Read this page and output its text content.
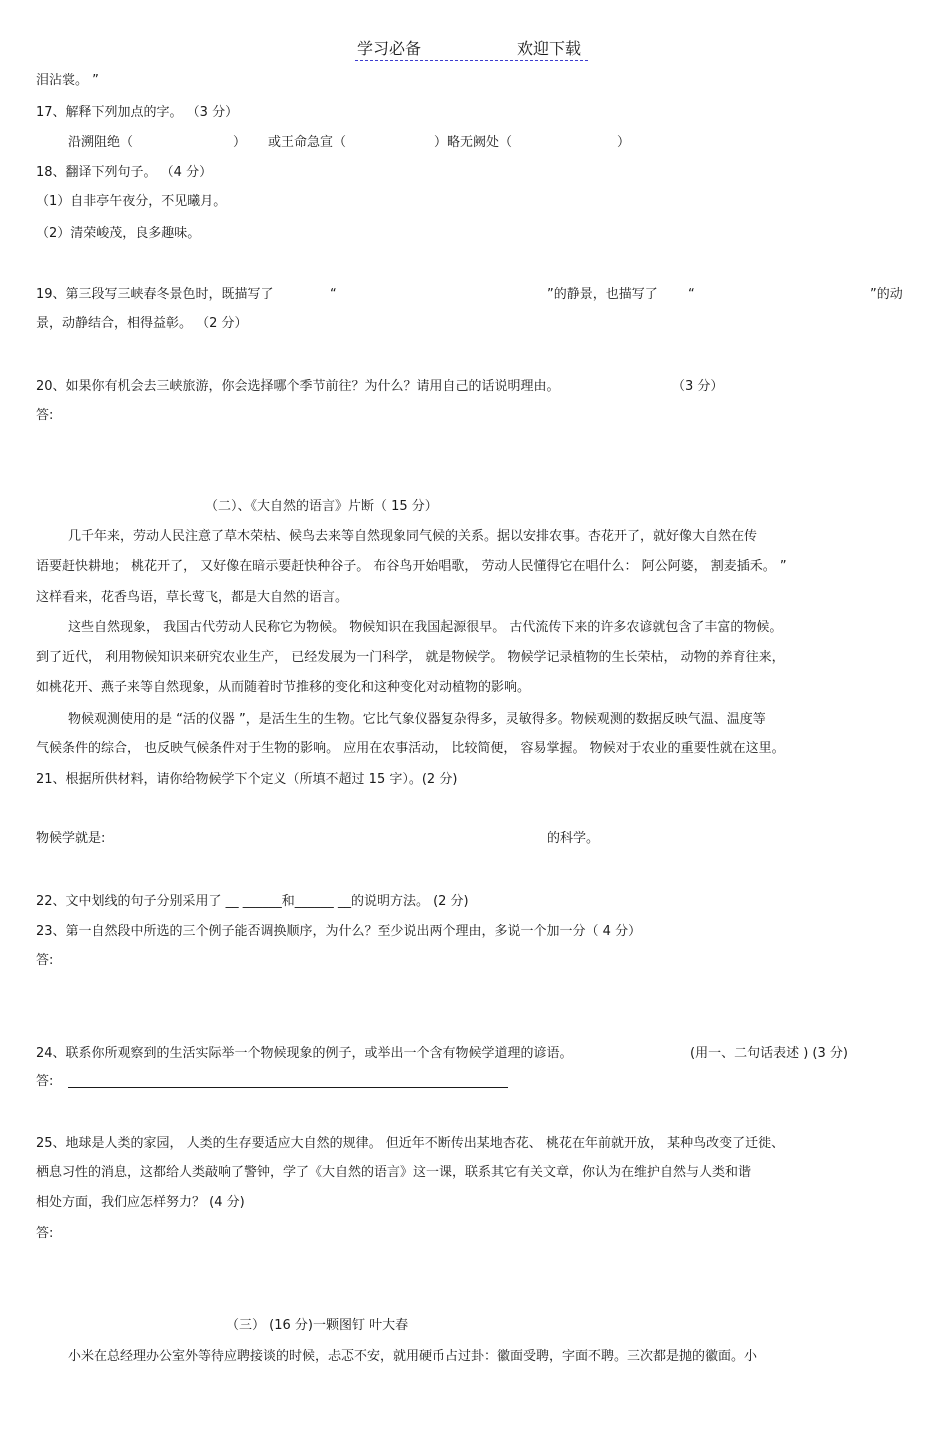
学习必备	欢迎下载
泪沾裳。 ”
17、解释下列加点的字。 （3 分）
沿溯阻绝（	） 或王命急宣（	）略无阙处（	）
18、翻译下列句子。 （4 分）
（1）自非亭午夜分，不见曦月。
（2）清荣峻茂，良多趣味。
19、第三段写三峡春冬景色时，既描写了	“	”的静景，也描写了 “	”的动
景，动静结合，相得益彰。 （2 分）
20、如果你有机会去三峡旅游，你会选择哪个季节前往？为什么？请用自己的话说明理由。	（3 分）
答:
（二）、《大自然的语言》片断（ 15 分）
几千年来，劳动人民注意了草木荣枯、候鸟去来等自然现象同气候的关系。据以安排农事。杏花开了，就好像大自然在传
语要赶快耕地； 桃花开了， 又好像在暗示要赶快种谷子。 布谷鸟开始唱歌， 劳动人民懂得它在唱什么： 阿公阿婆， 割麦插禾。 ”
这样看来，花香鸟语，草长莺飞，都是大自然的语言。
这些自然现象， 我国古代劳动人民称它为物候。 物候知识在我国起源很早。 古代流传下来的许多农谚就包含了丰富的物候。
到了近代， 利用物候知识来研究农业生产， 已经发展为一门科学， 就是物候学。 物候学记录植物的生长荣枯， 动物的养育往来，
如桃花开、燕子来等自然现象，从而随着时节推移的变化和这种变化对动植物的影响。
物候观测使用的是 “活的仪器 ”，是活生生的生物。它比气象仪器复杂得多，灵敏得多。物候观测的数据反映气温、温度等
气候条件的综合， 也反映气候条件对于生物的影响。 应用在农事活动， 比较简便， 容易掌握。 物候对于农业的重要性就在这里。
21、根据所供材料，请你给物候学下个定义（所填不超过 15 字）。(2 分)
物候学就是:	的科学。
22、文中划线的句子分别采用了 __ ______和______ __的说明方法。 (2 分)
23、第一自然段中所选的三个例子能否调换顺序，为什么？至少说出两个理由，多说一个加一分（ 4 分）
答:
24、联系你所观察到的生活实际举一个物候现象的例子，或举出一个含有物候学道理的谚语。	(用一、二句话表述 ) (3 分)
答:
25、地球是人类的家园， 人类的生存要适应大自然的规律。 但近年不断传出某地杏花、 桃花在年前就开放， 某种鸟改变了迁徙、
栖息习性的消息，这都给人类敲响了警钟，学了《大自然的语言》这一课，联系其它有关文章，你认为在维护自然与人类和谐
相处方面，我们应怎样努力？ (4 分)
答:
（三） (16 分)一颗图钉 叶大春
小米在总经理办公室外等待应聘接谈的时候，忐忑不安，就用硬币占过卦：徽面受聘，字面不聘。三次都是抛的徽面。小
